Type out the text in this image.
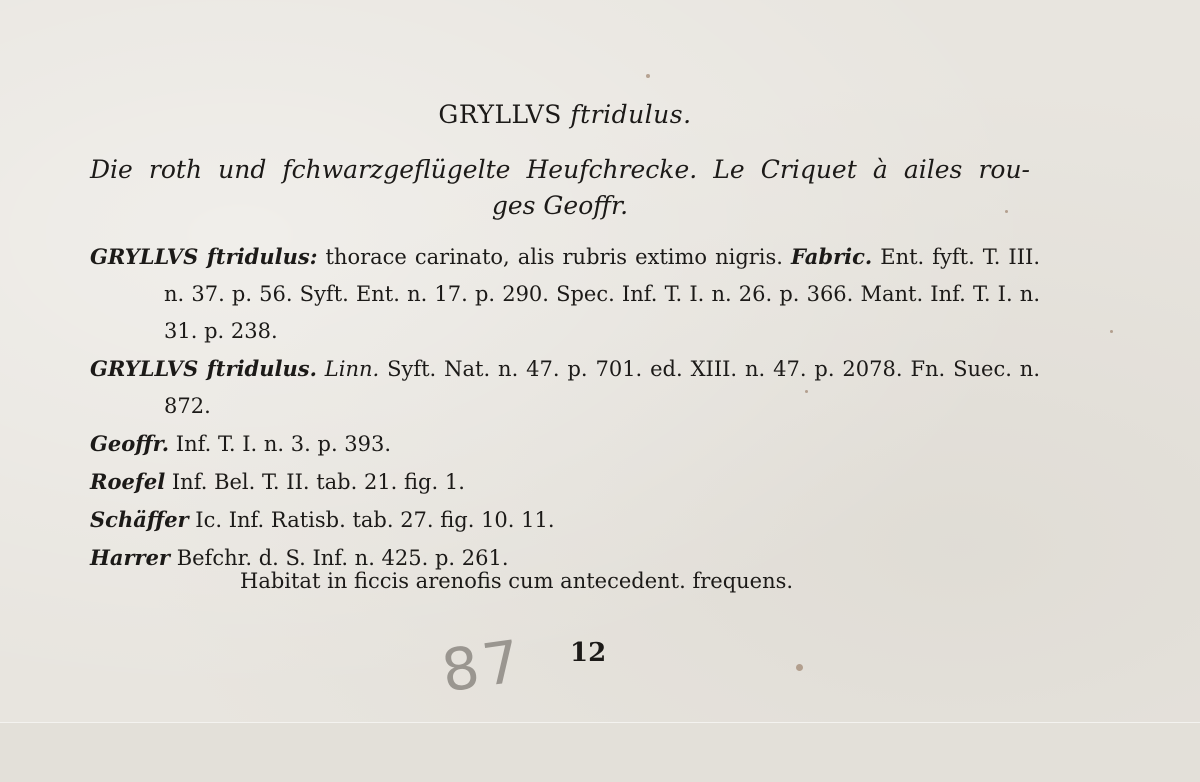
GRYLLVS ftridulus.
Die roth und fchwarzgeflügelte Heufchrecke. Le Criquet à ailes rou-
ges Geoffr.
GRYLLVS ftridulus: thorace carinato, alis rubris extimo nigris. Fabric. Ent. fyft. T. III. n. 37. p. 56. Syft. Ent. n. 17. p. 290. Spec. Inf. T. I. n. 26. p. 366. Mant. Inf. T. I. n. 31. p. 238.
GRYLLVS ftridulus. Linn. Syft. Nat. n. 47. p. 701. ed. XIII. n. 47. p. 2078. Fn. Suec. n. 872.
Geoffr. Inf. T. I. n. 3. p. 393.
Roefel Inf. Bel. T. II. tab. 21. fig. 1.
Schäffer Ic. Inf. Ratisb. tab. 27. fig. 10. 11.
Harrer Befchr. d. S. Inf. n. 425. p. 261.
Habitat in ficcis arenofis cum antecedent. frequens.
87 12
